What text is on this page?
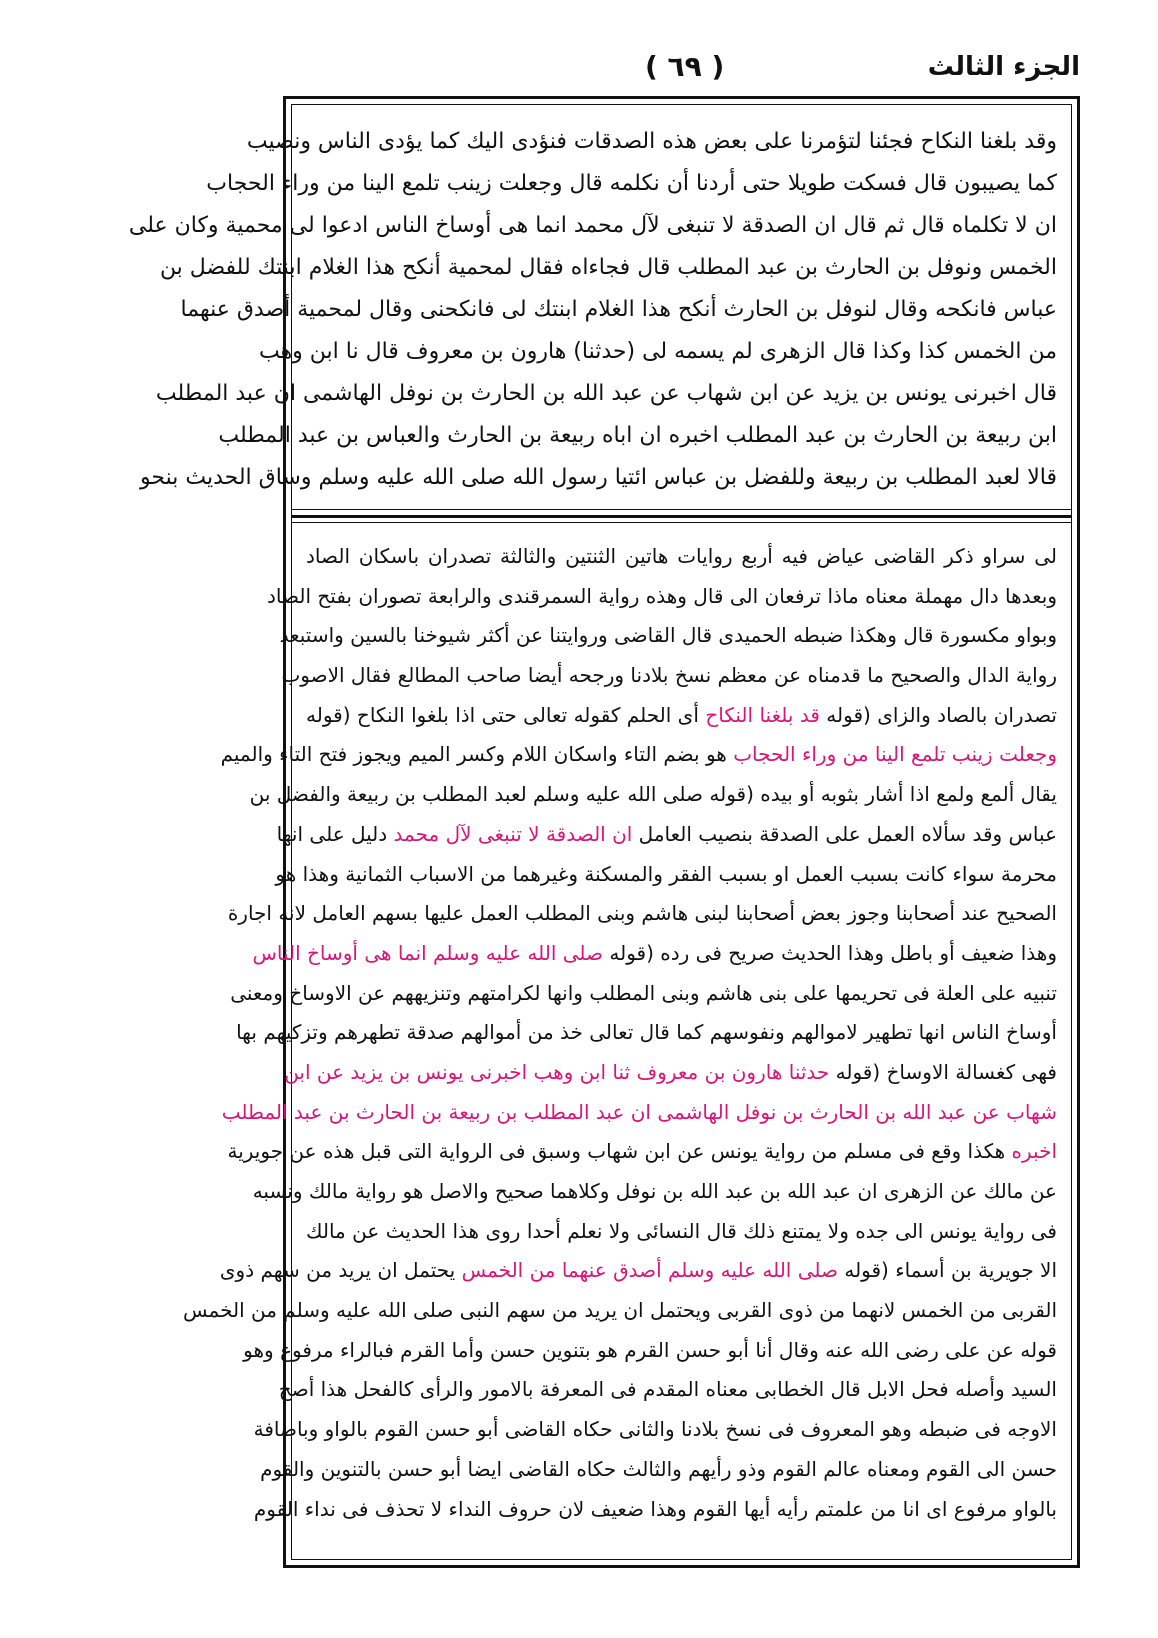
الجزء الثالث
( ٦٩ )
وقد بلغنا النكاح فجئنا لتؤمرنا على بعض هذه الصدقات فنؤدى اليك كما يؤدى الناس ونصيب
كما يصيبون قال فسكت طويلا حتى أردنا أن نكلمه قال وجعلت زينب تلمع الينا من وراء الحجاب
ان لا تكلماه قال ثم قال ان الصدقة لا تنبغى لآل محمد انما هى أوساخ الناس ادعوا لى محمية وكان على
الخمس ونوفل بن الحارث بن عبد المطلب قال فجاءاه فقال لمحمية أنكح هذا الغلام ابنتك للفضل بن
عباس فانكحه وقال لنوفل بن الحارث أنكح هذا الغلام ابنتك لى فانكحنى وقال لمحمية أصدق عنهما
من الخمس كذا وكذا قال الزهرى لم يسمه لى (حدثنا) هارون بن معروف قال نا ابن وهب
قال اخبرنى يونس بن يزيد عن ابن شهاب عن عبد الله بن الحارث بن نوفل الهاشمى ان عبد المطلب
ابن ربيعة بن الحارث بن عبد المطلب اخبره ان اباه ربيعة بن الحارث والعباس بن عبد المطلب
قالا لعبد المطلب بن ربيعة وللفضل بن عباس ائتيا رسول الله صلى الله عليه وسلم وساق الحديث بنحو
لى سراو ذكر القاضى عياض فيه أربع روايات هاتين الثنتين والثالثة تصدران باسكان الصاد
وبعدها دال مهملة معناه ماذا ترفعان الى قال وهذه رواية السمرقندى والرابعة تصوران بفتح الصاد
وبواو مكسورة قال وهكذا ضبطه الحميدى قال القاضى وروايتنا عن أكثر شيوخنا بالسين واستبعد
رواية الدال والصحيح ما قدمناه عن معظم نسخ بلادنا ورجحه أيضا صاحب المطالع فقال الاصوب
تصدران بالصاد والزاى (قوله قد بلغنا النكاح أى الحلم كقوله تعالى حتى اذا بلغوا النكاح (قوله
وجعلت زينب تلمع الينا من وراء الحجاب هو بضم التاء واسكان اللام وكسر الميم ويجوز فتح التاء والميم
يقال ألمع ولمع اذا أشار بثوبه أو بيده (قوله صلى الله عليه وسلم لعبد المطلب بن ربيعة والفضل بن
عباس وقد سألاه العمل على الصدقة بنصيب العامل ان الصدقة لا تنبغى لآل محمد دليل على انها
محرمة سواء كانت بسبب العمل او بسبب الفقر والمسكنة وغيرهما من الاسباب الثمانية وهذا هو
الصحيح عند أصحابنا وجوز بعض أصحابنا لبنى هاشم وبنى المطلب العمل عليها بسهم العامل لانه اجارة
وهذا ضعيف أو باطل وهذا الحديث صريح فى رده (قوله صلى الله عليه وسلم انما هى أوساخ الناس
تنبيه على العلة فى تحريمها على بنى هاشم وبنى المطلب وانها لكرامتهم وتنزيههم عن الاوساخ ومعنى
أوساخ الناس انها تطهير لاموالهم ونفوسهم كما قال تعالى خذ من أموالهم صدقة تطهرهم وتزكيهم بها
فهى كغسالة الاوساخ (قوله حدثنا هارون بن معروف ثنا ابن وهب اخبرنى يونس بن يزيد عن ابن
شهاب عن عبد الله بن الحارث بن نوفل الهاشمى ان عبد المطلب بن ربيعة بن الحارث بن عبد المطلب
اخبره هكذا وقع فى مسلم من رواية يونس عن ابن شهاب وسبق فى الرواية التى قبل هذه عن جويرية
عن مالك عن الزهرى ان عبد الله بن عبد الله بن نوفل وكلاهما صحيح والاصل هو رواية مالك ونسبه
فى رواية يونس الى جده ولا يمتنع ذلك قال النسائى ولا نعلم أحدا روى هذا الحديث عن مالك
الا جويرية بن أسماء (قوله صلى الله عليه وسلم أصدق عنهما من الخمس يحتمل ان يريد من سهم ذوى
القربى من الخمس لانهما من ذوى القربى ويحتمل ان يريد من سهم النبى صلى الله عليه وسلم من الخمس
قوله عن على رضى الله عنه وقال أنا أبو حسن القرم هو بتنوين حسن وأما القرم فبالراء مرفوع وهو
السيد وأصله فحل الابل قال الخطابى معناه المقدم فى المعرفة بالامور والرأى كالفحل هذا أصح
الاوجه فى ضبطه وهو المعروف فى نسخ بلادنا والثانى حكاه القاضى أبو حسن القوم بالواو وباضافة
حسن الى القوم ومعناه عالم القوم وذو رأيهم والثالث حكاه القاضى ايضا أبو حسن بالتنوين والقوم
بالواو مرفوع اى انا من علمتم رأيه أيها القوم وهذا ضعيف لان حروف النداء لا تحذف فى نداء القوم
